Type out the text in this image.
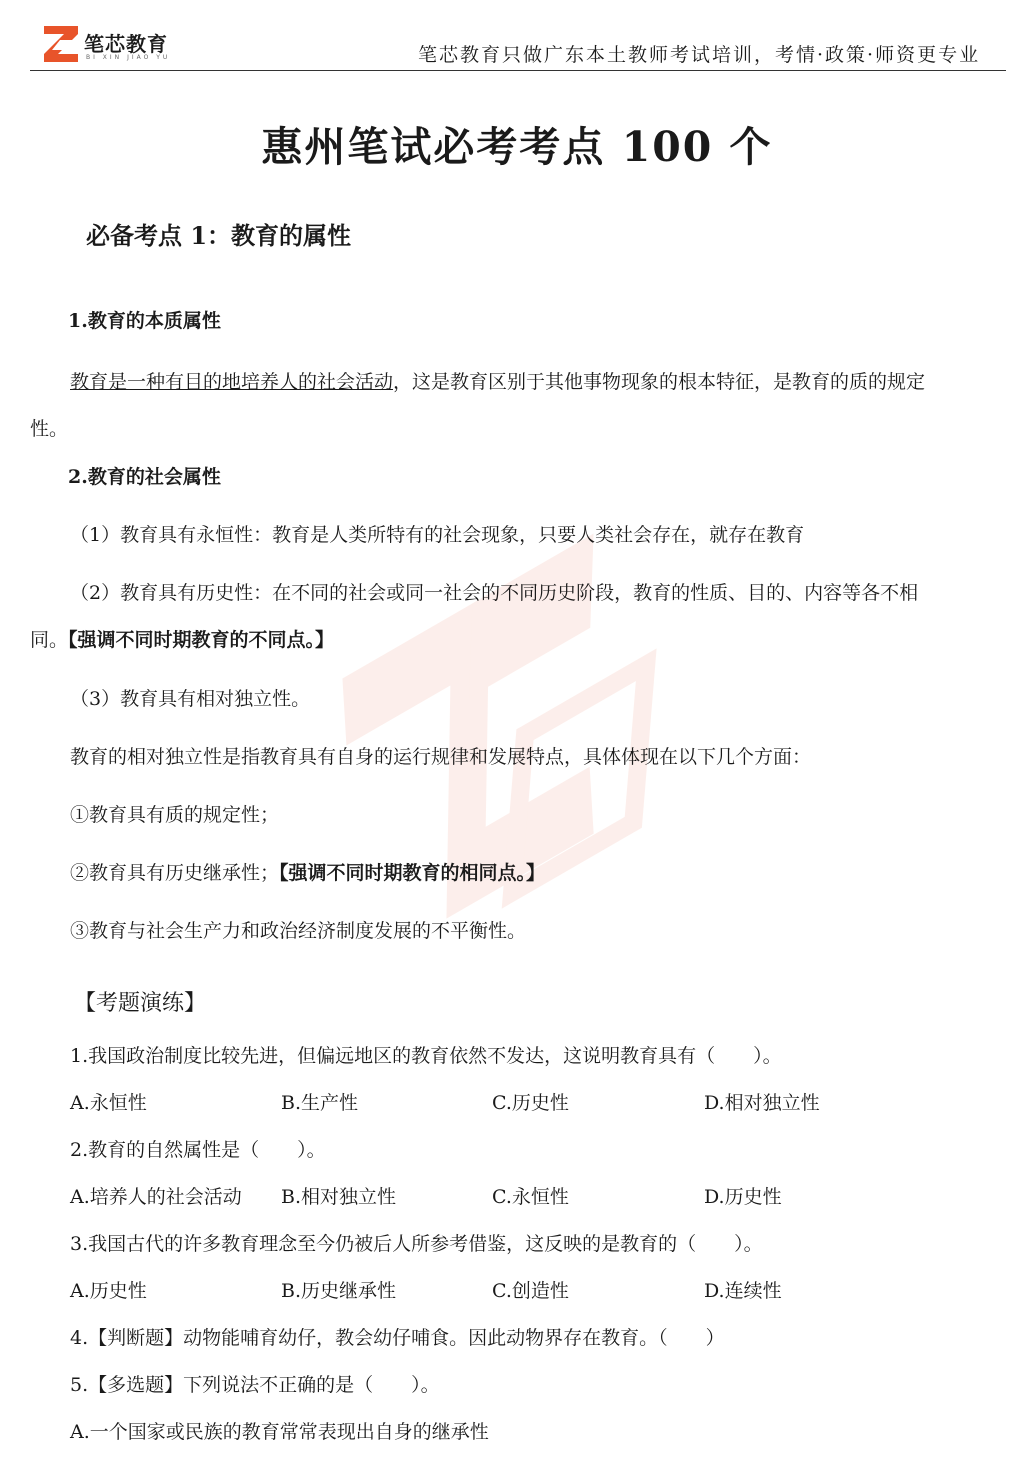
笔芯教育
BI XIN JIAO YU	笔芯教育只做广东本土教师考试培训，考情·政策·师资更专业
惠州笔试必考考点 100 个
必备考点 1：教育的属性
1.教育的本质属性
教育是一种有目的地培养人的社会活动，这是教育区别于其他事物现象的根本特征，是教育的质的规定
性。
2.教育的社会属性
（1）教育具有永恒性：教育是人类所特有的社会现象，只要人类社会存在，就存在教育
（2）教育具有历史性：在不同的社会或同一社会的不同历史阶段，教育的性质、目的、内容等各不相
同。【强调不同时期教育的不同点。】
（3）教育具有相对独立性。
教育的相对独立性是指教育具有自身的运行规律和发展特点，具体体现在以下几个方面：
①教育具有质的规定性；
②教育具有历史继承性；【强调不同时期教育的相同点。】
③教育与社会生产力和政治经济制度发展的不平衡性。
【考题演练】
1.我国政治制度比较先进，但偏远地区的教育依然不发达，这说明教育具有（　　）。
A.永恒性	B.生产性	C.历史性	D.相对独立性
2.教育的自然属性是（　　）。
A.培养人的社会活动 B.相对独立性	C.永恒性	D.历史性
3.我国古代的许多教育理念至今仍被后人所参考借鉴，这反映的是教育的（　　）。
A.历史性	B.历史继承性	C.创造性	D.连续性
4.【判断题】动物能哺育幼仔，教会幼仔哺食。因此动物界存在教育。（　　）
5.【多选题】下列说法不正确的是（　　）。
A.一个国家或民族的教育常常表现出自身的继承性
